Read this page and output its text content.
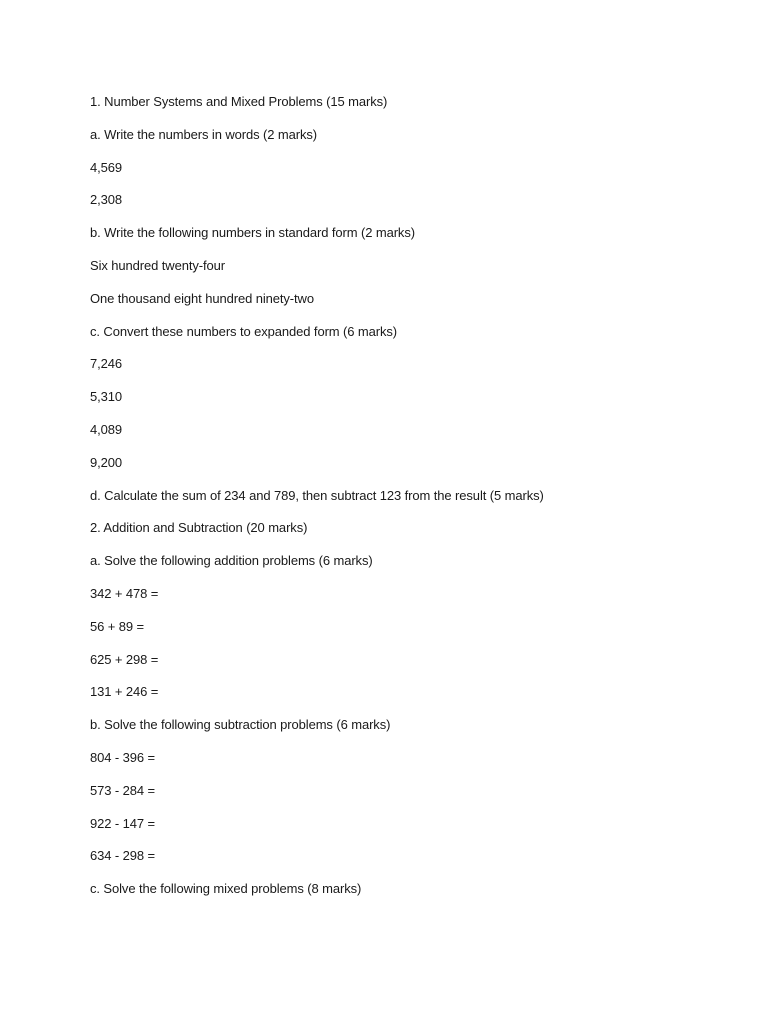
1. Number Systems and Mixed Problems (15 marks)
a. Write the numbers in words (2 marks)
4,569
2,308
b. Write the following numbers in standard form (2 marks)
Six hundred twenty-four
One thousand eight hundred ninety-two
c. Convert these numbers to expanded form (6 marks)
7,246
5,310
4,089
9,200
d. Calculate the sum of 234 and 789, then subtract 123 from the result (5 marks)
2. Addition and Subtraction (20 marks)
a. Solve the following addition problems (6 marks)
342 + 478 =
56 + 89 =
625 + 298 =
131 + 246 =
b. Solve the following subtraction problems (6 marks)
804 - 396 =
573 - 284 =
922 - 147 =
634 - 298 =
c. Solve the following mixed problems (8 marks)
